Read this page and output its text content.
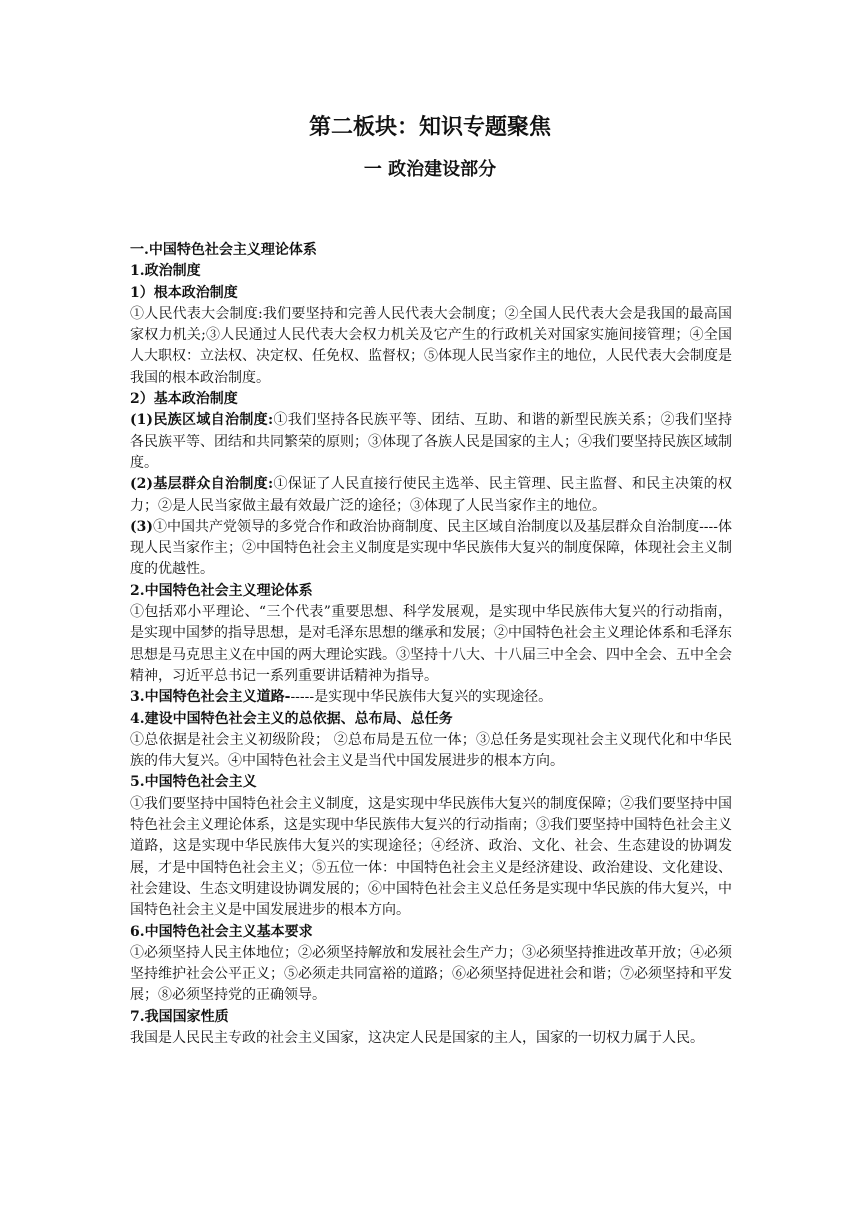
第二板块：知识专题聚焦
一 政治建设部分

一.中国特色社会主义理论体系

1.政治制度

1）根本政治制度

①人民代表大会制度:我们要坚持和完善人民代表大会制度；②全国人民代表大会是我国的最高国家权力机关;③人民通过人民代表大会权力机关及它产生的行政机关对国家实施间接管理；④全国人大职权：立法权、决定权、任免权、监督权；⑤体现人民当家作主的地位，人民代表大会制度是我国的根本政治制度。

2）基本政治制度

(1)民族区域自治制度:①我们坚持各民族平等、团结、互助、和谐的新型民族关系；②我们坚持各民族平等、团结和共同繁荣的原则；③体现了各族人民是国家的主人；④我们要坚持民族区域制度。

(2)基层群众自治制度:①保证了人民直接行使民主选举、民主管理、民主监督、和民主决策的权力；②是人民当家做主最有效最广泛的途径；③体现了人民当家作主的地位。

(3)①中国共产党领导的多党合作和政治协商制度、民主区域自治制度以及基层群众自治制度----体现人民当家作主；②中国特色社会主义制度是实现中华民族伟大复兴的制度保障，体现社会主义制度的优越性。

2.中国特色社会主义理论体系

①包括邓小平理论、“三个代表”重要思想、科学发展观，是实现中华民族伟大复兴的行动指南，是实现中国梦的指导思想，是对毛泽东思想的继承和发展；②中国特色社会主义理论体系和毛泽东思想是马克思主义在中国的两大理论实践。③坚持十八大、十八届三中全会、四中全会、五中全会精神，习近平总书记一系列重要讲话精神为指导。

3.中国特色社会主义道路------是实现中华民族伟大复兴的实现途径。

4.建设中国特色社会主义的总依据、总布局、总任务

①总依据是社会主义初级阶段； ②总布局是五位一体；③总任务是实现社会主义现代化和中华民族的伟大复兴。④中国特色社会主义是当代中国发展进步的根本方向。

5.中国特色社会主义

①我们要坚持中国特色社会主义制度，这是实现中华民族伟大复兴的制度保障；②我们要坚持中国特色社会主义理论体系，这是实现中华民族伟大复兴的行动指南；③我们要坚持中国特色社会主义道路，这是实现中华民族伟大复兴的实现途径；④经济、政治、文化、社会、生态建设的协调发展，才是中国特色社会主义；⑤五位一体：中国特色社会主义是经济建设、政治建设、文化建设、社会建设、生态文明建设协调发展的；⑥中国特色社会主义总任务是实现中华民族的伟大复兴，中国特色社会主义是中国发展进步的根本方向。

6.中国特色社会主义基本要求

①必须坚持人民主体地位；②必须坚持解放和发展社会生产力；③必须坚持推进改革开放；④必须坚持维护社会公平正义；⑤必须走共同富裕的道路；⑥必须坚持促进社会和谐；⑦必须坚持和平发展；⑧必须坚持党的正确领导。

7.我国国家性质

我国是人民民主专政的社会主义国家，这决定人民是国家的主人，国家的一切权力属于人民。
